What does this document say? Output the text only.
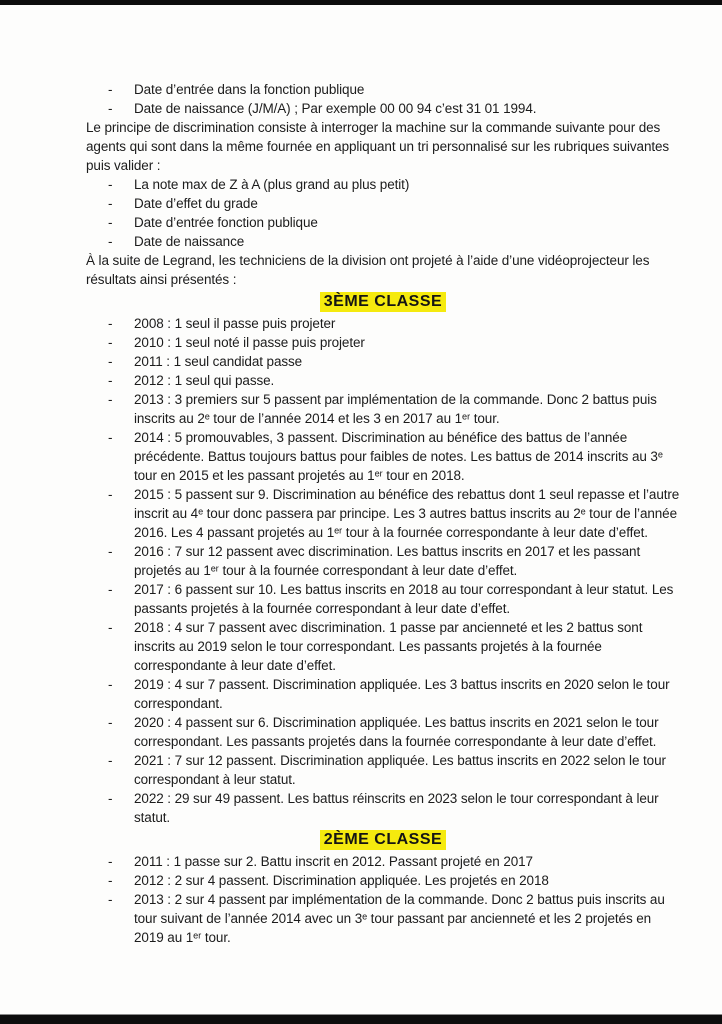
-	Date d’entrée dans la fonction publique
-	Date de naissance (J/M/A) ; Par exemple 00 00 94 c’est 31 01 1994.

Le principe de discrimination consiste à interroger la machine sur la commande suivante pour des agents qui sont dans la même fournée en appliquant un tri personnalisé sur les rubriques suivantes puis valider :

-	La note max de Z à A (plus grand au plus petit)
-	Date d’effet du grade
-	Date d’entrée fonction publique
-	Date de naissance

À la suite de Legrand, les techniciens de la division ont projeté à l’aide d’une vidéoprojecteur les résultats ainsi présentés :

3ÈME CLASSE
-	2008 : 1 seul il passe puis projeter
-	2010 : 1 seul noté il passe puis projeter
-	2011 : 1 seul candidat passe
-	2012 : 1 seul qui passe.
-	2013 : 3 premiers sur 5 passent par implémentation de la commande. Donc 2 battus puis inscrits au 2ᵉ tour de l’année 2014 et les 3 en 2017 au 1ᵉʳ tour.
-	2014 : 5 promouvables, 3 passent. Discrimination au bénéfice des battus de l’année précédente. Battus toujours battus pour faibles de notes. Les battus de 2014 inscrits au 3ᵉ tour en 2015 et les passant projetés au 1ᵉʳ tour en 2018.
-	2015 : 5 passent sur 9. Discrimination au bénéfice des rebattus dont 1 seul repasse et l’autre inscrit au 4ᵉ tour donc passera par principe. Les 3 autres battus inscrits au 2ᵉ tour de l’année 2016. Les 4 passant projetés au 1ᵉʳ tour à la fournée correspondante à leur date d’effet.
-	2016 : 7 sur 12 passent avec discrimination. Les battus inscrits en 2017 et les passant projetés au 1ᵉʳ tour à la fournée correspondant à leur date d’effet.
-	2017 : 6 passent sur 10. Les battus inscrits en 2018 au tour correspondant à leur statut. Les passants projetés à la fournée correspondant à leur date d’effet.
-	2018 : 4 sur 7 passent avec discrimination. 1 passe par ancienneté et les 2 battus sont inscrits au 2019 selon le tour correspondant. Les passants projetés à la fournée correspondante à leur date d’effet.
-	2019 : 4 sur 7 passent. Discrimination appliquée. Les 3 battus inscrits en 2020 selon le tour correspondant.
-	2020 : 4 passent sur 6. Discrimination appliquée. Les battus inscrits en 2021 selon le tour correspondant. Les passants projetés dans la fournée correspondante à leur date d’effet.
-	2021 : 7 sur 12 passent. Discrimination appliquée. Les battus inscrits en 2022 selon le tour correspondant à leur statut.
-	2022 : 29 sur 49 passent. Les battus réinscrits en 2023 selon le tour correspondant à leur statut.
2ÈME CLASSE
-	2011 : 1 passe sur 2. Battu inscrit en 2012. Passant projeté en 2017
-	2012 : 2 sur 4 passent. Discrimination appliquée. Les projetés en 2018
-	2013 : 2 sur 4 passent par implémentation de la commande. Donc 2 battus puis inscrits au tour suivant de l’année 2014 avec un 3ᵉ tour passant par ancienneté et les 2 projetés en 2019 au 1ᵉʳ tour.
